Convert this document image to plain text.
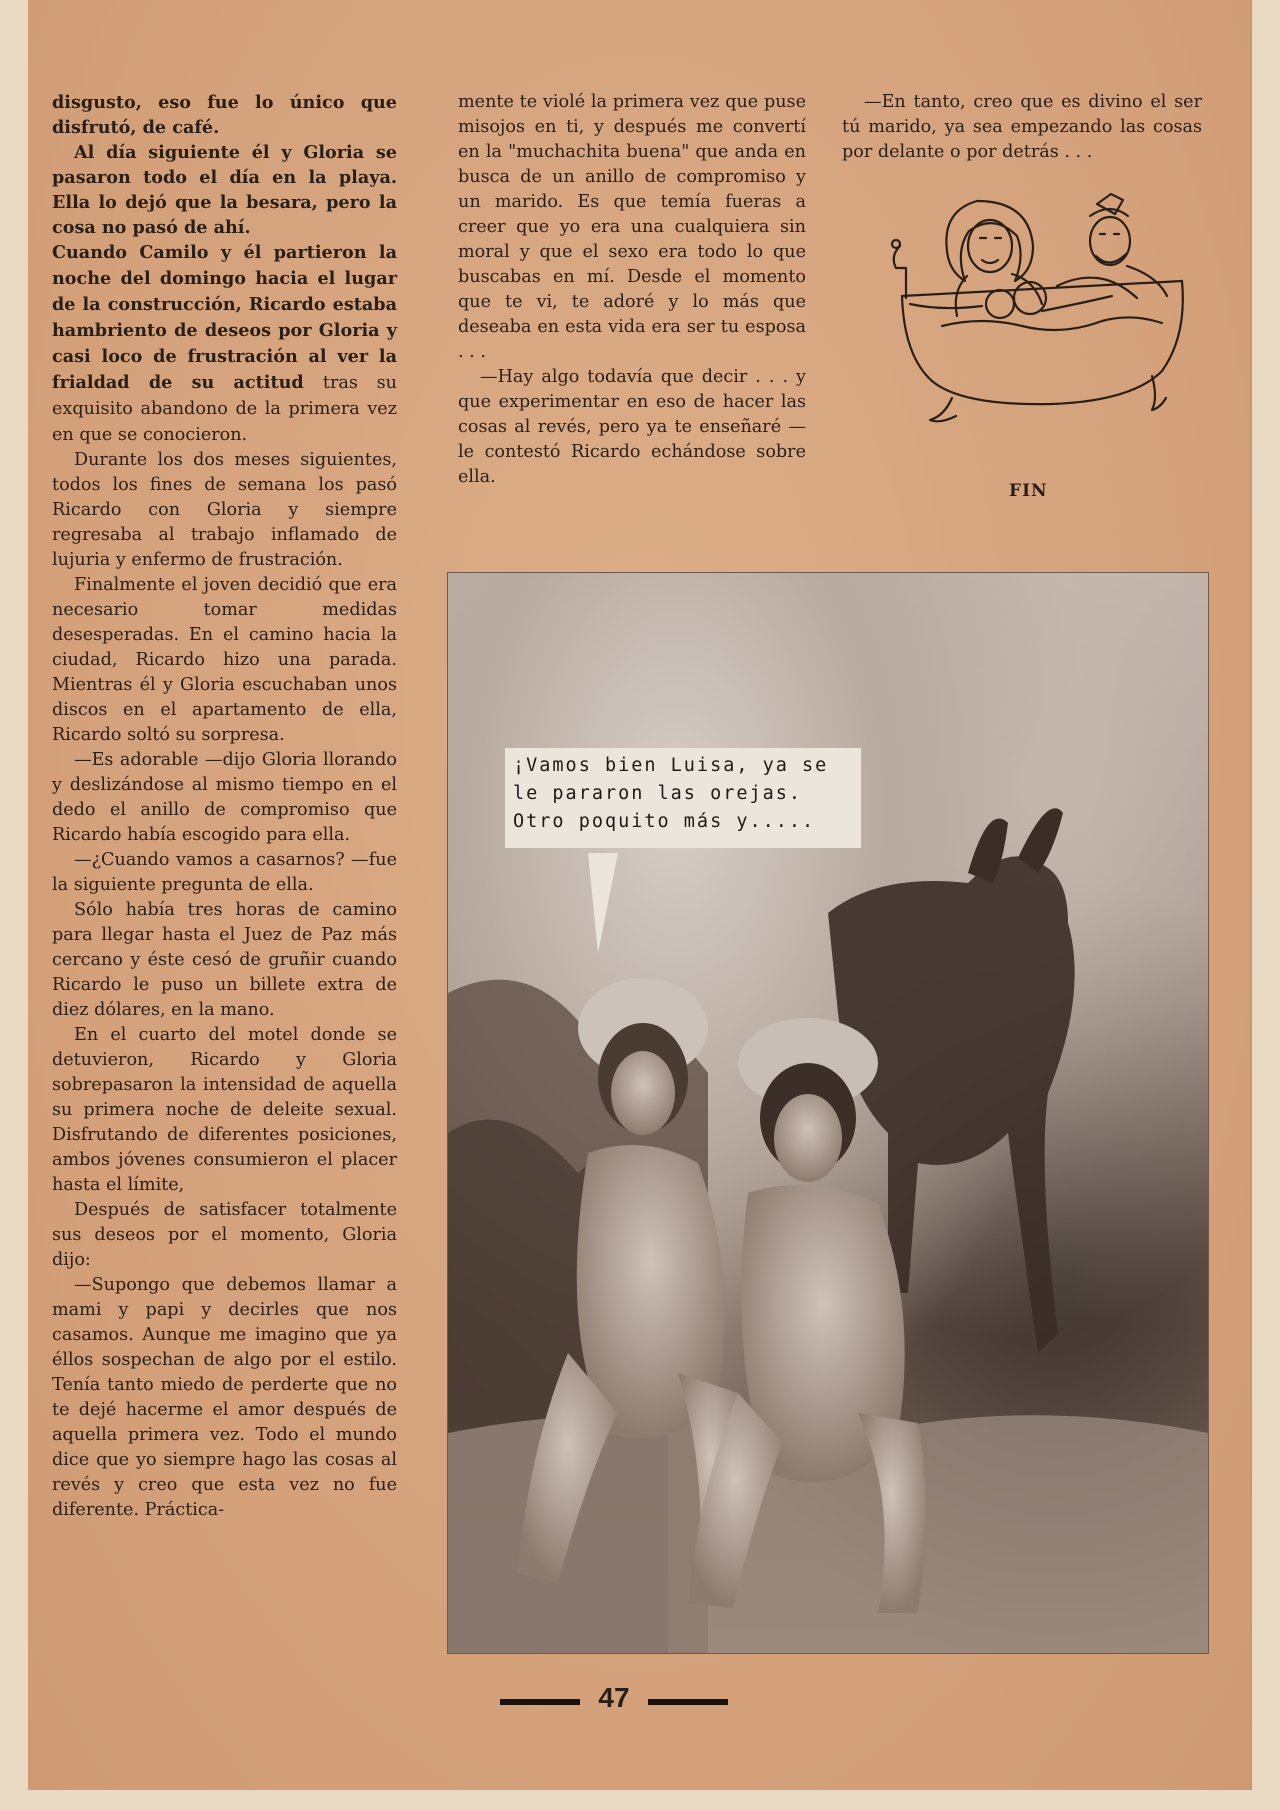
disgusto, eso fue lo único que disfrutó, de café.

Al día siguiente él y Gloria se pasaron todo el día en la playa. Ella lo dejó que la besara, pero la cosa no pasó de ahí.

Cuando Camilo y él partieron la noche del domingo hacia el lugar de la construcción, Ricardo estaba hambriento de deseos por Gloria y casi loco de frustración al ver la frialdad de su actitud tras su exquisito abandono de la primera vez en que se conocieron.

Durante los dos meses siguientes, todos los fines de semana los pasó Ricardo con Gloria y siempre regresaba al trabajo inflamado de lujuria y enfermo de frustración.

Finalmente el joven decidió que era necesario tomar medidas desesperadas. En el camino hacia la ciudad, Ricardo hizo una parada. Mientras él y Gloria escuchaban unos discos en el apartamento de ella, Ricardo soltó su sorpresa.

—Es adorable —dijo Gloria llorando y deslizándose al mismo tiempo en el dedo el anillo de compromiso que Ricardo había escogido para ella.

—¿Cuando vamos a casarnos? —fue la siguiente pregunta de ella.

Sólo había tres horas de camino para llegar hasta el Juez de Paz más cercano y éste cesó de gruñir cuando Ricardo le puso un billete extra de diez dólares, en la mano.

En el cuarto del motel donde se detuvieron, Ricardo y Gloria sobrepasaron la intensidad de aquella su primera noche de deleite sexual. Disfrutando de diferentes posiciones, ambos jóvenes consumieron el placer hasta el límite,

Después de satisfacer totalmente sus deseos por el momento, Gloria dijo:

—Supongo que debemos llamar a mami y papi y decirles que nos casamos. Aunque me imagino que ya éllos sospechan de algo por el estilo. Tenía tanto miedo de perderte que no te dejé hacerme el amor después de aquella primera vez. Todo el mundo dice que yo siempre hago las cosas al revés y creo que esta vez no fue diferente. Práctica-

mente te violé la primera vez que puse misojos en ti, y después me convertí en la "muchachita buena" que anda en busca de un anillo de compromiso y un marido. Es que temía fueras a creer que yo era una cualquiera sin moral y que el sexo era todo lo que buscabas en mí. Desde el momento que te vi, te adoré y lo más que deseaba en esta vida era ser tu esposa . . .

—Hay algo todavía que decir . . . y que experimentar en eso de hacer las cosas al revés, pero ya te enseñaré —le contestó Ricardo echándose sobre ella.

—En tanto, creo que es divino el ser tú marido, ya sea empezando las cosas por delante o por detrás . . .

FIN
¡Vamos bien Luisa, ya se
le pararon las orejas.
Otro poquito más y.....
47
